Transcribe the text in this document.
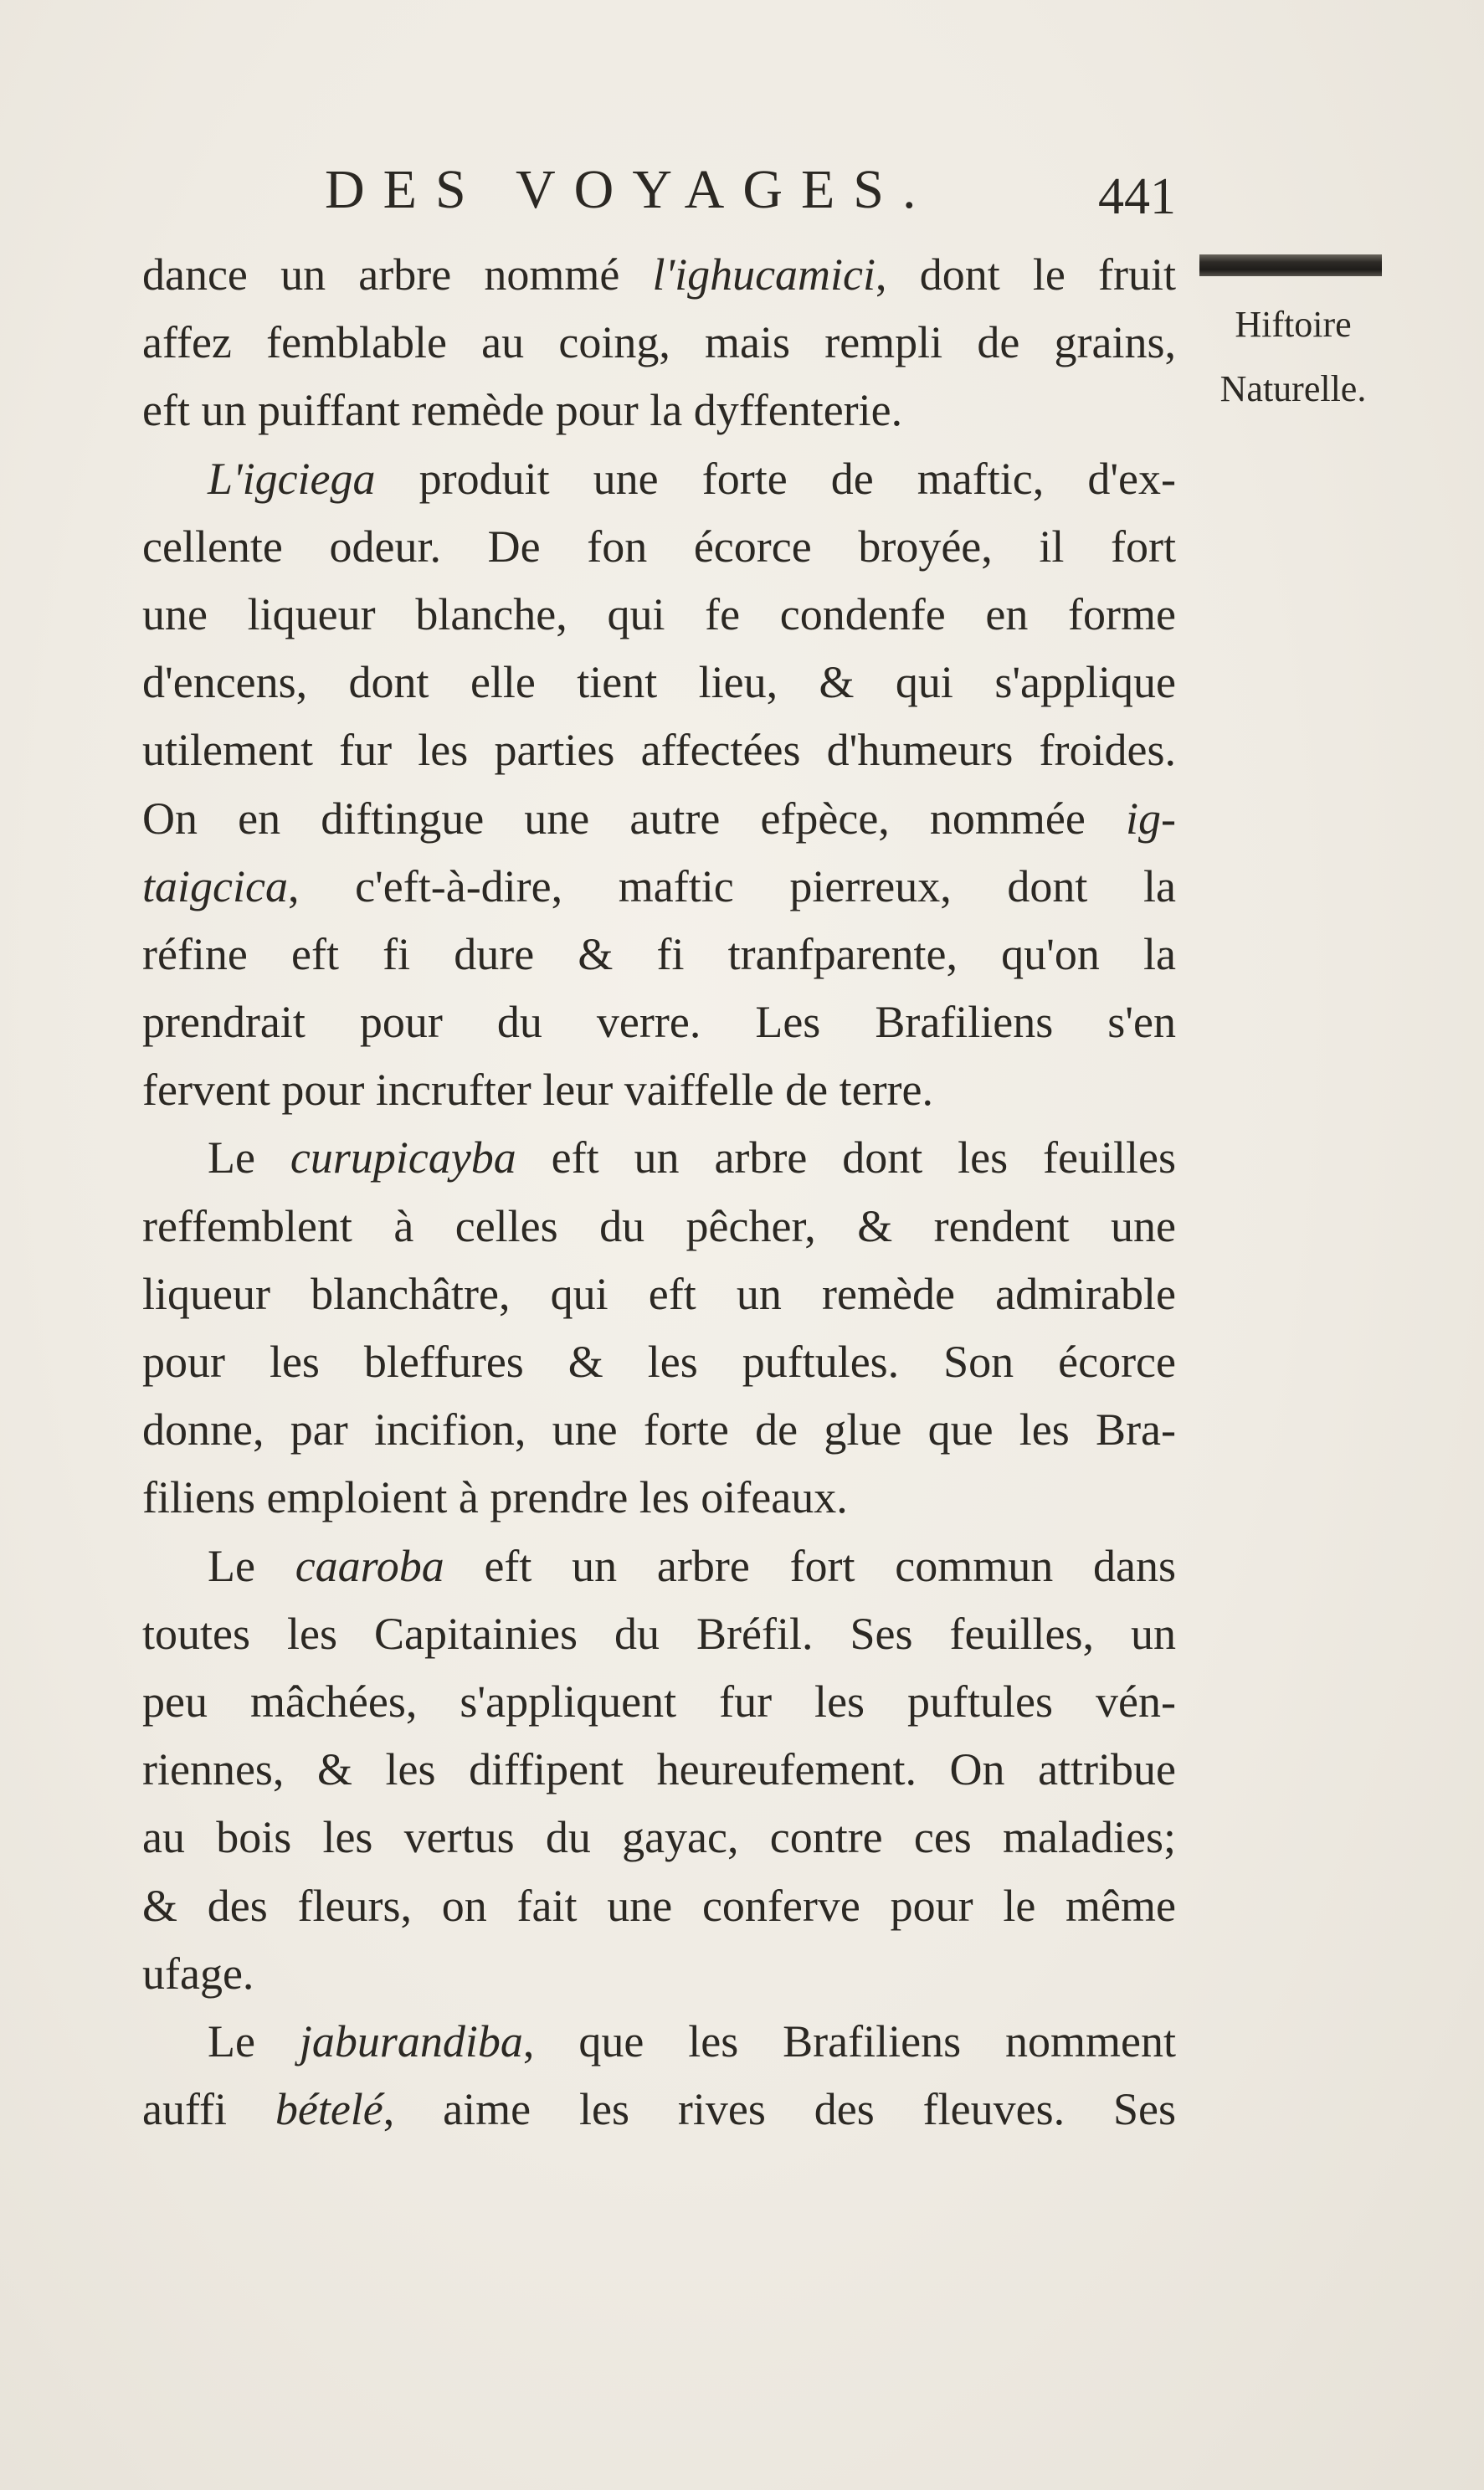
DES VOYAGES.	441
Hiftoire
Naturelle.
dance un arbre nommé l'ighucamici, dont le fruit
affez femblable au coing, mais rempli de grains,
eft un puiffant remède pour la dyffenterie.
L'igciega produit une forte de maftic, d'ex-
cellente odeur. De fon écorce broyée, il fort
une liqueur blanche, qui fe condenfe en forme
d'encens, dont elle tient lieu, & qui s'applique
utilement fur les parties affectées d'humeurs froides.
On en diftingue une autre efpèce, nommée ig-
taigcica, c'eft-à-dire, maftic pierreux, dont la
réfine eft fi dure & fi tranfparente, qu'on la
prendrait pour du verre. Les Brafiliens s'en
fervent pour incrufter leur vaiffelle de terre.
Le curupicayba eft un arbre dont les feuilles
reffemblent à celles du pêcher, & rendent une
liqueur blanchâtre, qui eft un remède admirable
pour les bleffures & les puftules. Son écorce
donne, par incifion, une forte de glue que les Bra-
filiens emploient à prendre les oifeaux.
Le caaroba eft un arbre fort commun dans
toutes les Capitainies du Bréfil. Ses feuilles, un
peu mâchées, s'appliquent fur les puftules vén-
riennes, & les diffipent heureufement. On attribue
au bois les vertus du gayac, contre ces maladies;
& des fleurs, on fait une conferve pour le même
ufage.
Le jaburandiba, que les Brafiliens nomment
auffi bételé, aime les rives des fleuves. Ses
